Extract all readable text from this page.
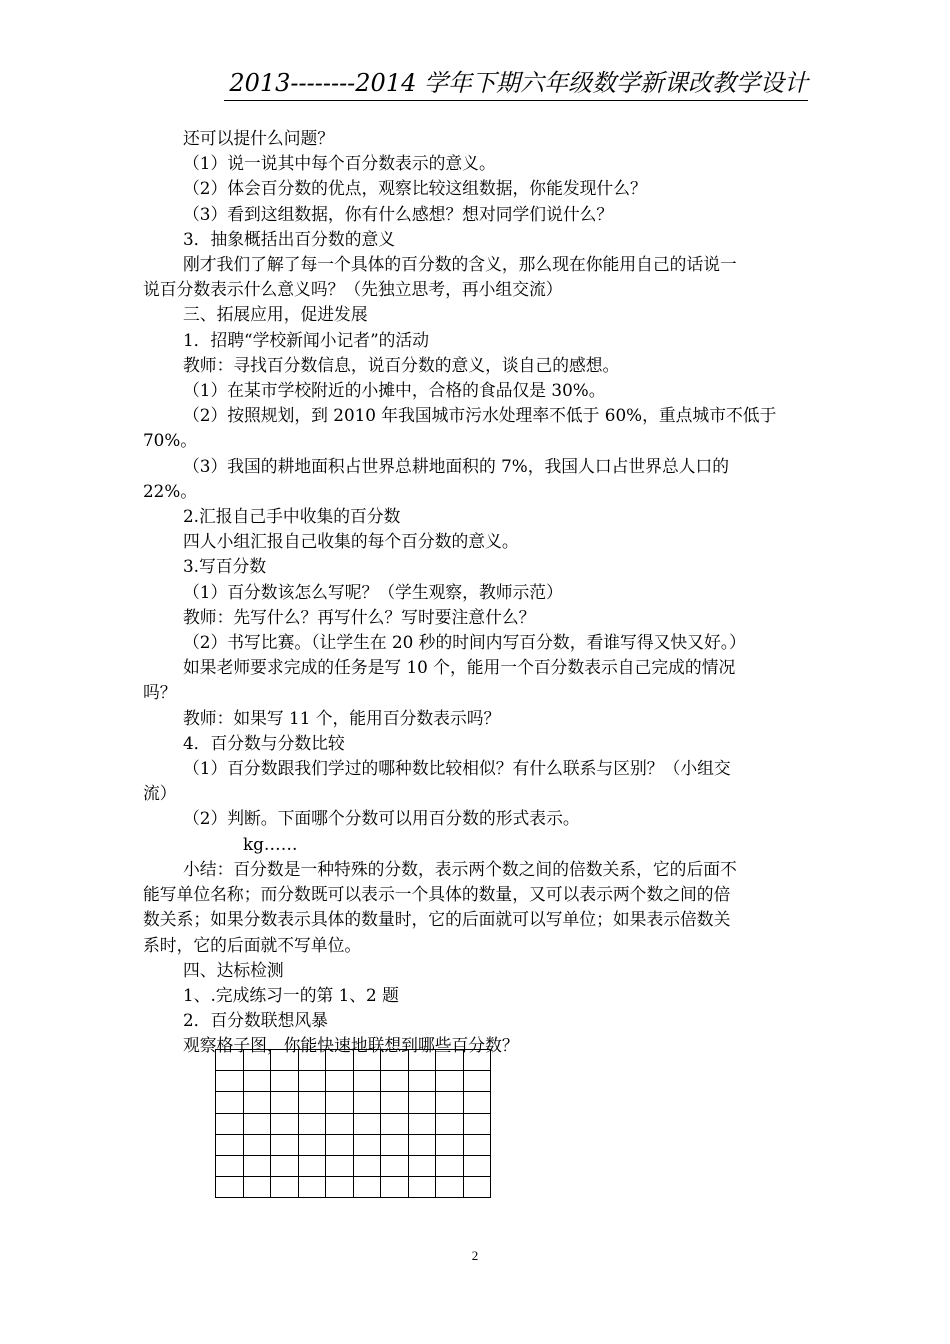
2013--------2014 学年下期六年级数学新课改教学设计

还可以提什么问题？

（1）说一说其中每个百分数表示的意义。

（2）体会百分数的优点，观察比较这组数据，你能发现什么？

（3）看到这组数据，你有什么感想？想对同学们说什么？

3．抽象概括出百分数的意义

刚才我们了解了每一个具体的百分数的含义，那么现在你能用自己的话说一

说百分数表示什么意义吗？（先独立思考，再小组交流）

三、拓展应用，促进发展

1．招聘“学校新闻小记者”的活动

教师：寻找百分数信息，说百分数的意义，谈自己的感想。

（1）在某市学校附近的小摊中，合格的食品仅是 30%。

（2）按照规划，到 2010 年我国城市污水处理率不低于 60%，重点城市不低于

70%。

（3）我国的耕地面积占世界总耕地面积的 7%，我国人口占世界总人口的

22%。

2.汇报自己手中收集的百分数

四人小组汇报自己收集的每个百分数的意义。

3.写百分数

（1）百分数该怎么写呢？（学生观察，教师示范）

教师：先写什么？再写什么？写时要注意什么？

（2）书写比赛。（让学生在 20 秒的时间内写百分数，看谁写得又快又好。）

如果老师要求完成的任务是写 10 个，能用一个百分数表示自己完成的情况

吗？

教师：如果写 11 个，能用百分数表示吗？

4．百分数与分数比较

（1）百分数跟我们学过的哪种数比较相似？有什么联系与区别？（小组交

流）

（2）判断。下面哪个分数可以用百分数的形式表示。

kg……

小结：百分数是一种特殊的分数，表示两个数之间的倍数关系，它的后面不

能写单位名称；而分数既可以表示一个具体的数量，又可以表示两个数之间的倍

数关系；如果分数表示具体的数量时，它的后面就可以写单位；如果表示倍数关

系时，它的后面就不写单位。

四、达标检测

1、.完成练习一的第 1、2 题

2．百分数联想风暴

观察格子图，你能快速地联想到哪些百分数？

2
